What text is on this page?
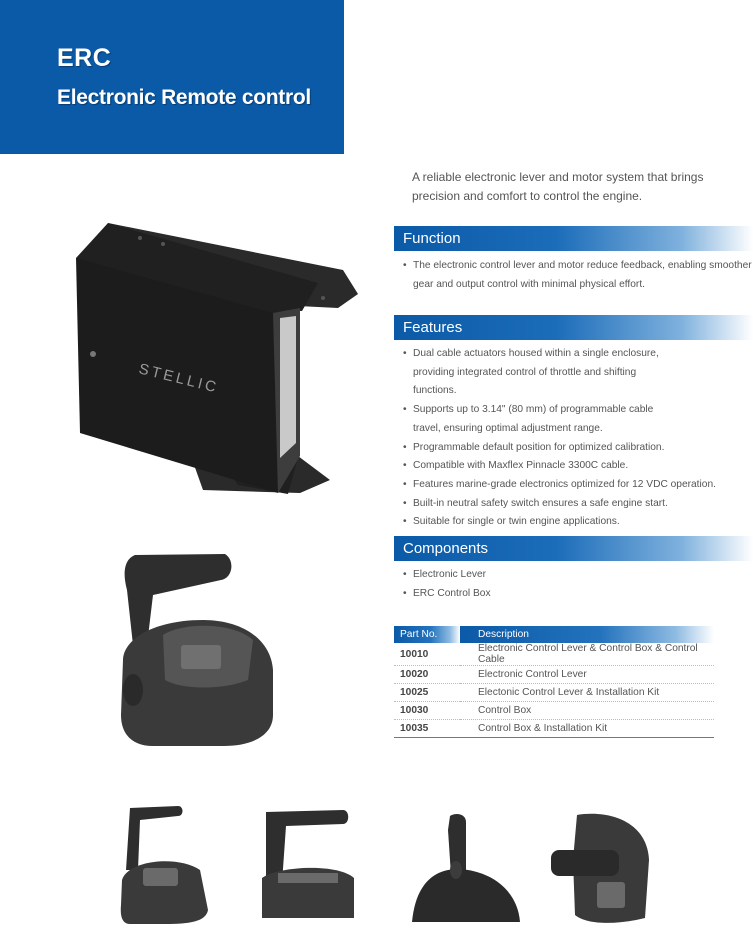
ERC
Electronic Remote control
A reliable electronic lever and motor system that brings precision and comfort to control the engine.
Function
• The electronic control lever and motor reduce feedback, enabling smoother gear and output control with minimal physical effort.
Features
• Dual cable actuators housed within a single enclosure, providing integrated control of throttle and shifting functions.
• Supports up to 3.14" (80 mm) of programmable cable travel, ensuring optimal adjustment range.
• Programmable default position for optimized calibration.
• Compatible with Maxflex Pinnacle 3300C cable.
• Features marine-grade electronics optimized for 12 VDC operation.
• Built-in neutral safety switch ensures a safe engine start.
• Suitable for single or twin engine applications.
Components
• Electronic Lever
• ERC Control Box
Part No.	Description
10010	Electronic Control Lever & Control Box & Control Cable
10020	Electronic Control Lever
10025	Electonic Control Lever & Installation Kit
10030	Control Box
10035	Control Box & Installation Kit
STELLIC
